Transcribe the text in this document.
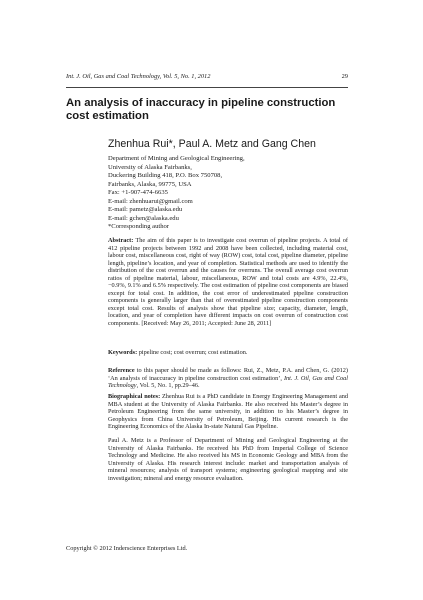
Int. J. Oil, Gas and Coal Technology, Vol. 5, No. 1, 2012	29
An analysis of inaccuracy in pipeline construction cost estimation
Zhenhua Rui*, Paul A. Metz and Gang Chen
Department of Mining and Geological Engineering,
University of Alaska Fairbanks,
Duckering Building 418, P.O. Box 750708,
Fairbanks, Alaska, 99775, USA
Fax: +1-907-474-6635
E-mail: zhenhuarui@gmail.com
E-mail: pametz@alaska.edu
E-mail: gchen@alaska.edu
*Corresponding author

Abstract: The aim of this paper is to investigate cost overrun of pipeline projects. A total of 412 pipeline projects between 1992 and 2008 have been collected, including material cost, labour cost, miscellaneous cost, right of way (ROW) cost, total cost, pipeline diameter, pipeline length, pipeline’s location, and year of completion. Statistical methods are used to identify the distribution of the cost overrun and the causes for overruns. The overall average cost overrun ratios of pipeline material, labour, miscellaneous, ROW and total costs are 4.9%, 22.4%, −0.9%, 9.1% and 6.5% respectively. The cost estimation of pipeline cost components are biased except for total cost. In addition, the cost error of underestimated pipeline construction components is generally larger than that of overestimated pipeline construction components except total cost. Results of analysis show that pipeline size; capacity, diameter, length, location, and year of completion have different impacts on cost overrun of construction cost components. [Received: May 26, 2011; Accepted: June 28, 2011]

Keywords: pipeline cost; cost overrun; cost estimation.

Reference to this paper should be made as follows: Rui, Z., Metz, P.A. and Chen, G. (2012) ‘An analysis of inaccuracy in pipeline construction cost estimation’, Int. J. Oil, Gas and Coal Technology, Vol. 5, No. 1, pp.29–46.

Biographical notes: Zhenhua Rui is a PhD candidate in Energy Engineering Management and MBA student at the University of Alaska Fairbanks. He also received his Master’s degree in Petroleum Engineering from the same university, in addition to his Master’s degree in Geophysics from China University of Petroleum, Beijing. His current research is the Engineering Economics of the Alaska In-state Natural Gas Pipeline.

Paul A. Metz is a Professor of Department of Mining and Geological Engineering at the University of Alaska Fairbanks. He received his PhD from Imperial College of Science Technology and Medicine. He also received his MS in Economic Geology and MBA from the University of Alaska. His research interest include: market and transportation analysis of mineral resources; analysis of transport systems; engineering geological mapping and site investigation; mineral and energy resource evaluation.

Copyright © 2012 Inderscience Enterprises Ltd.
